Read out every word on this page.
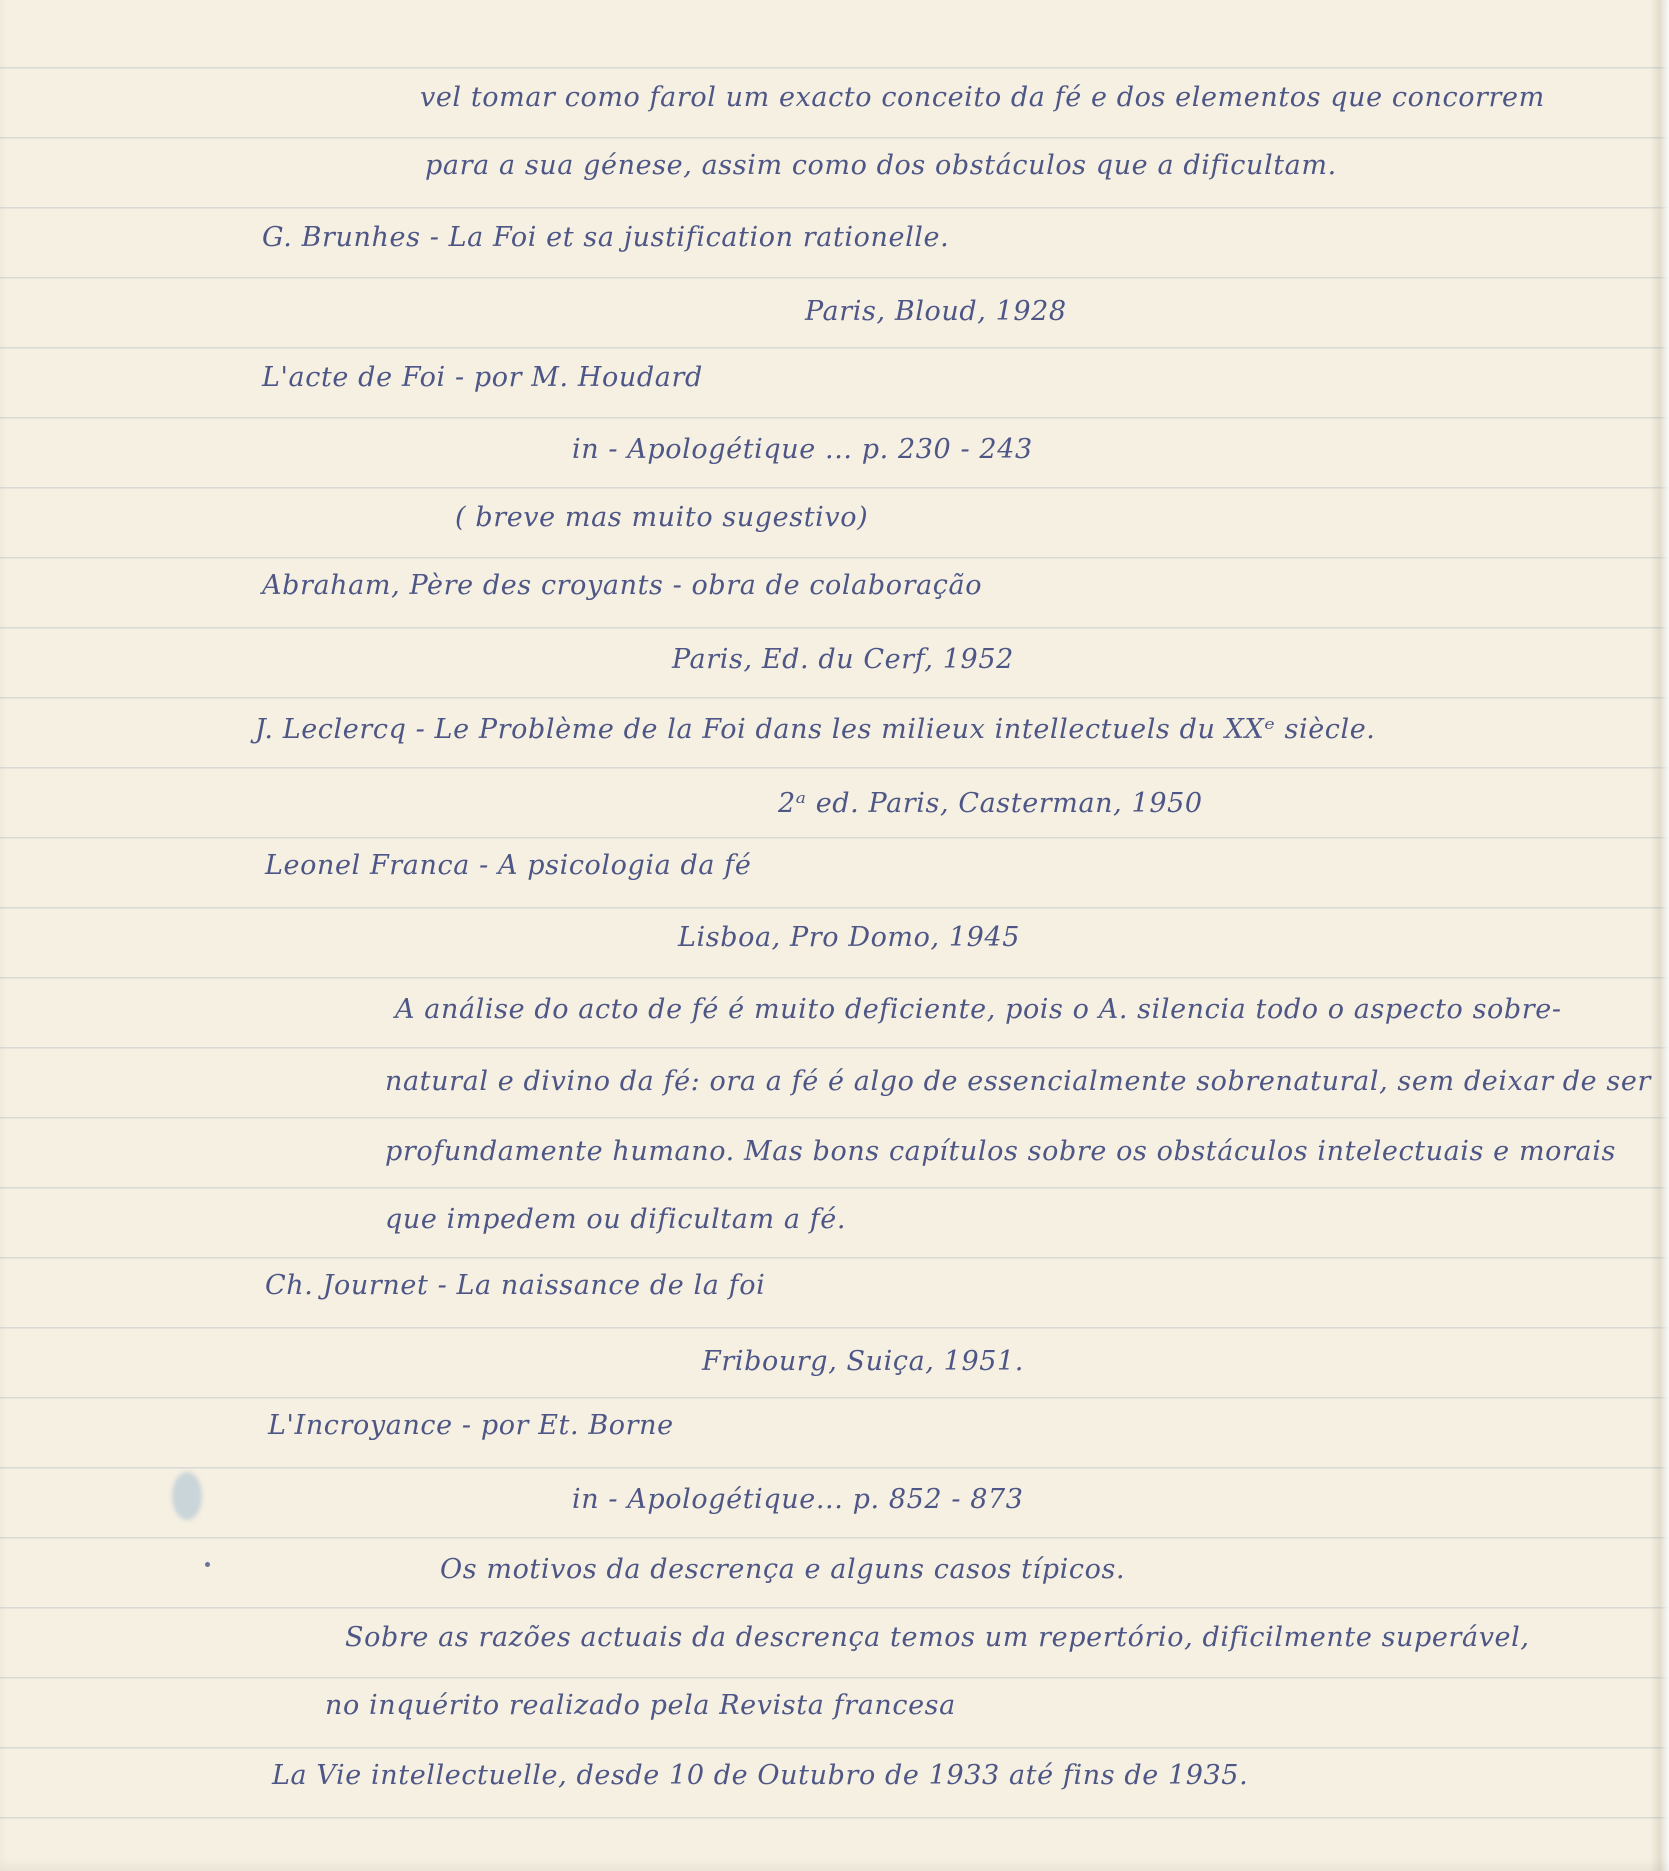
vel tomar como farol um exacto conceito da fé e dos elementos que concorrem

para a sua génese, assim como dos obstáculos que a dificultam.

G. Brunhes - La Foi et sa justification rationelle.

Paris, Bloud, 1928

L'acte de Foi - por M. Houdard

in - Apologétique ... p. 230 - 243

( breve mas muito sugestivo)

Abraham, Père des croyants - obra de colaboração

Paris, Ed. du Cerf, 1952

J. Leclercq - Le Problème de la Foi dans les milieux intellectuels du XXᵉ siècle.

2ᵃ ed. Paris, Casterman, 1950

Leonel Franca - A psicologia da fé

Lisboa, Pro Domo, 1945

A análise do acto de fé é muito deficiente, pois o A. silencia todo o aspecto sobre-

natural e divino da fé: ora a fé é algo de essencialmente sobrenatural, sem deixar de ser

profundamente humano. Mas bons capítulos sobre os obstáculos intelectuais e morais

que impedem ou dificultam a fé.

Ch. Journet - La naissance de la foi

Fribourg, Suiça, 1951.

L'Incroyance - por Et. Borne

in - Apologétique... p. 852 - 873

Os motivos da descrença e alguns casos típicos.

Sobre as razões actuais da descrença temos um repertório, dificilmente superável,

no inquérito realizado pela Revista francesa

La Vie intellectuelle, desde 10 de Outubro de 1933 até fins de 1935.
